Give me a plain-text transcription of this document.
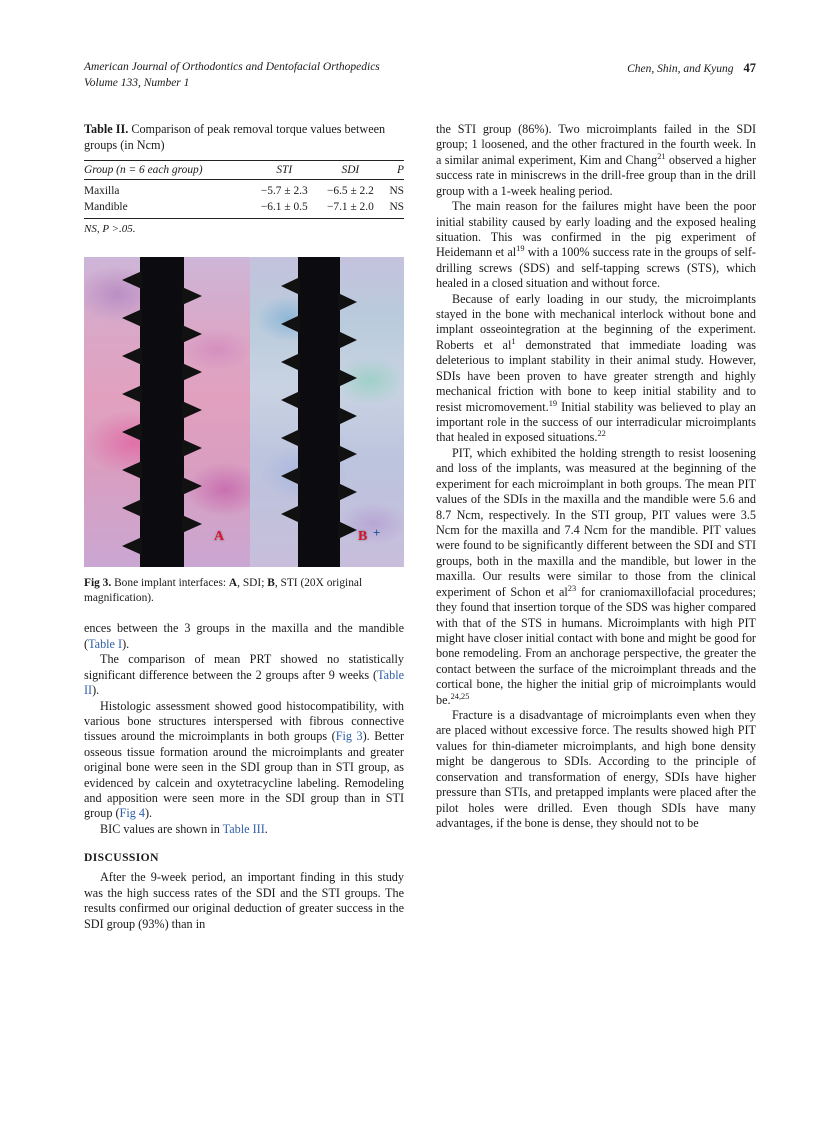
American Journal of Orthodontics and Dentofacial Orthopedics
Volume 133, Number 1
Chen, Shin, and Kyung 47
Table II. Comparison of peak removal torque values between groups (in Ncm)
Group (n = 6 each group)	STI	SDI	P
Maxilla	−5.7 ± 2.3	−6.5 ± 2.2	NS
Mandible	−6.1 ± 0.5	−7.1 ± 2.0	NS
NS, P >.05.
A	B +
Fig 3. Bone implant interfaces: A, SDI; B, STI (20X original magnification).

ences between the 3 groups in the maxilla and the mandible (Table I).

The comparison of mean PRT showed no statistically significant difference between the 2 groups after 9 weeks (Table II).

Histologic assessment showed good histocompatibility, with various bone structures interspersed with fibrous connective tissues around the microimplants in both groups (Fig 3). Better osseous tissue formation around the microimplants and greater original bone were seen in the SDI group than in STI group, as evidenced by calcein and oxytetracycline labeling. Remodeling and apposition were seen more in the SDI group than in STI group (Fig 4).

BIC values are shown in Table III.

DISCUSSION

After the 9-week period, an important finding in this study was the high success rates of the SDI and the STI groups. The results confirmed our original deduction of greater success in the SDI group (93%) than in

the STI group (86%). Two microimplants failed in the SDI group; 1 loosened, and the other fractured in the fourth week. In a similar animal experiment, Kim and Chang$^{21}$ observed a higher success rate in miniscrews in the drill-free group than in the drill group with a 1-week healing period.

The main reason for the failures might have been the poor initial stability caused by early loading and the exposed healing situation. This was confirmed in the pig experiment of Heidemann et $al^{19}$ with a 100% success rate in the groups of self-drilling screws (SDS) and self-tapping screws (STS), which healed in a closed situation and without force.

Because of early loading in our study, the microimplants stayed in the bone with mechanical interlock without bone and implant osseointegration at the beginning of the experiment. Roberts et $al^1$ demonstrated that immediate loading was deleterious to implant stability in their animal study. However, SDIs have been proven to have greater strength and highly mechanical friction with bone to keep initial stability and to resist micromovement.$^{19}$ Initial stability was believed to play an important role in the success of our interradicular microimplants that healed in exposed situations.$^{22}$

PIT, which exhibited the holding strength to resist loosening and loss of the implants, was measured at the beginning of the experiment for each microimplant in both groups. The mean PIT values of the SDIs in the maxilla and the mandible were 5.6 and 8.7 Ncm, respectively. In the STI group, PIT values were 3.5 Ncm for the maxilla and 7.4 Ncm for the mandible. PIT values were found to be significantly different between the SDI and STI groups, both in the maxilla and the mandible, but lower in the maxilla. Our results were similar to those from the clinical experiment of Schon et $al^{23}$ for craniomaxillofacial procedures; they found that insertion torque of the SDS was higher compared with that of the STS in humans. Microimplants with high PIT might have closer initial contact with bone and might be good for bone remodeling. From an anchorage perspective, the greater the contact between the surface of the microimplant threads and the cortical bone, the higher the initial grip of microimplants would be.$^{24,25}$

Fracture is a disadvantage of microimplants even when they are placed without excessive force. The results showed high PIT values for thin-diameter microimplants, and high bone density might be dangerous to SDIs. According to the principle of conservation and transformation of energy, SDIs have higher pressure than STIs, and pretapped implants were placed after the pilot holes were drilled. Even though SDIs have many advantages, if the bone is dense, they should not to be
